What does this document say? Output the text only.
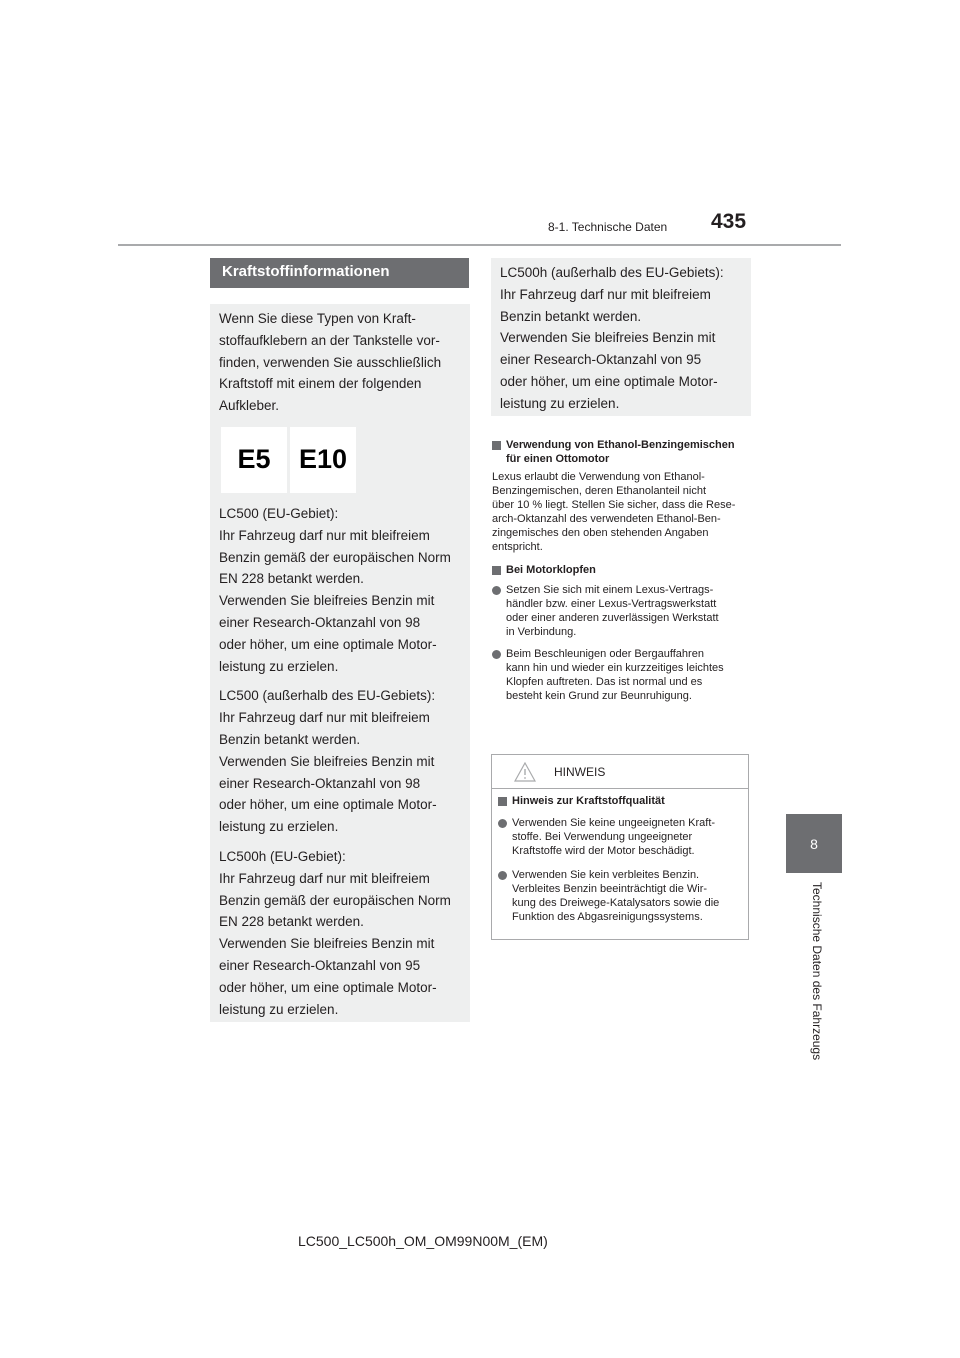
8-1. Technische Daten 435
8
Technische Daten des Fahrzeugs
Kraftstoffinformationen

Wenn Sie diese Typen von Kraft-
stoffaufklebern an der Tankstelle vor-
finden, verwenden Sie ausschließlich
Kraftstoff mit einem der folgenden
Aufkleber.

E5 E10

LC500 (EU-Gebiet):
Ihr Fahrzeug darf nur mit bleifreiem
Benzin gemäß der europäischen Norm
EN 228 betankt werden.
Verwenden Sie bleifreies Benzin mit
einer Research-Oktanzahl von 98
oder höher, um eine optimale Motor-
leistung zu erzielen.

LC500 (außerhalb des EU-Gebiets):
Ihr Fahrzeug darf nur mit bleifreiem
Benzin betankt werden.
Verwenden Sie bleifreies Benzin mit
einer Research-Oktanzahl von 98
oder höher, um eine optimale Motor-
leistung zu erzielen.

LC500h (EU-Gebiet):
Ihr Fahrzeug darf nur mit bleifreiem
Benzin gemäß der europäischen Norm
EN 228 betankt werden.
Verwenden Sie bleifreies Benzin mit
einer Research-Oktanzahl von 95
oder höher, um eine optimale Motor-
leistung zu erzielen.

LC500h (außerhalb des EU-Gebiets):
Ihr Fahrzeug darf nur mit bleifreiem
Benzin betankt werden.
Verwenden Sie bleifreies Benzin mit
einer Research-Oktanzahl von 95
oder höher, um eine optimale Motor-
leistung zu erzielen.

Verwendung von Ethanol-Benzingemischen
für einen Ottomotor

Lexus erlaubt die Verwendung von Ethanol-
Benzingemischen, deren Ethanolanteil nicht
über 10 % liegt. Stellen Sie sicher, dass die Rese-
arch-Oktanzahl des verwendeten Ethanol-Ben-
zingemisches den oben stehenden Angaben
entspricht.

Bei Motorklopfen
Setzen Sie sich mit einem Lexus-Vertrags-
händler bzw. einer Lexus-Vertragswerkstatt
oder einer anderen zuverlässigen Werkstatt
in Verbindung.
Beim Beschleunigen oder Bergauffahren
kann hin und wieder ein kurzzeitiges leichtes
Klopfen auftreten. Das ist normal und es
besteht kein Grund zur Beunruhigung.
HINWEIS
Hinweis zur Kraftstoffqualität
Verwenden Sie keine ungeeigneten Kraft-
stoffe. Bei Verwendung ungeeigneter
Kraftstoffe wird der Motor beschädigt.
Verwenden Sie kein verbleites Benzin.
Verbleites Benzin beeinträchtigt die Wir-
kung des Dreiwege-Katalysators sowie die
Funktion des Abgasreinigungssystems.
LC500_LC500h_OM_OM99N00M_(EM)
